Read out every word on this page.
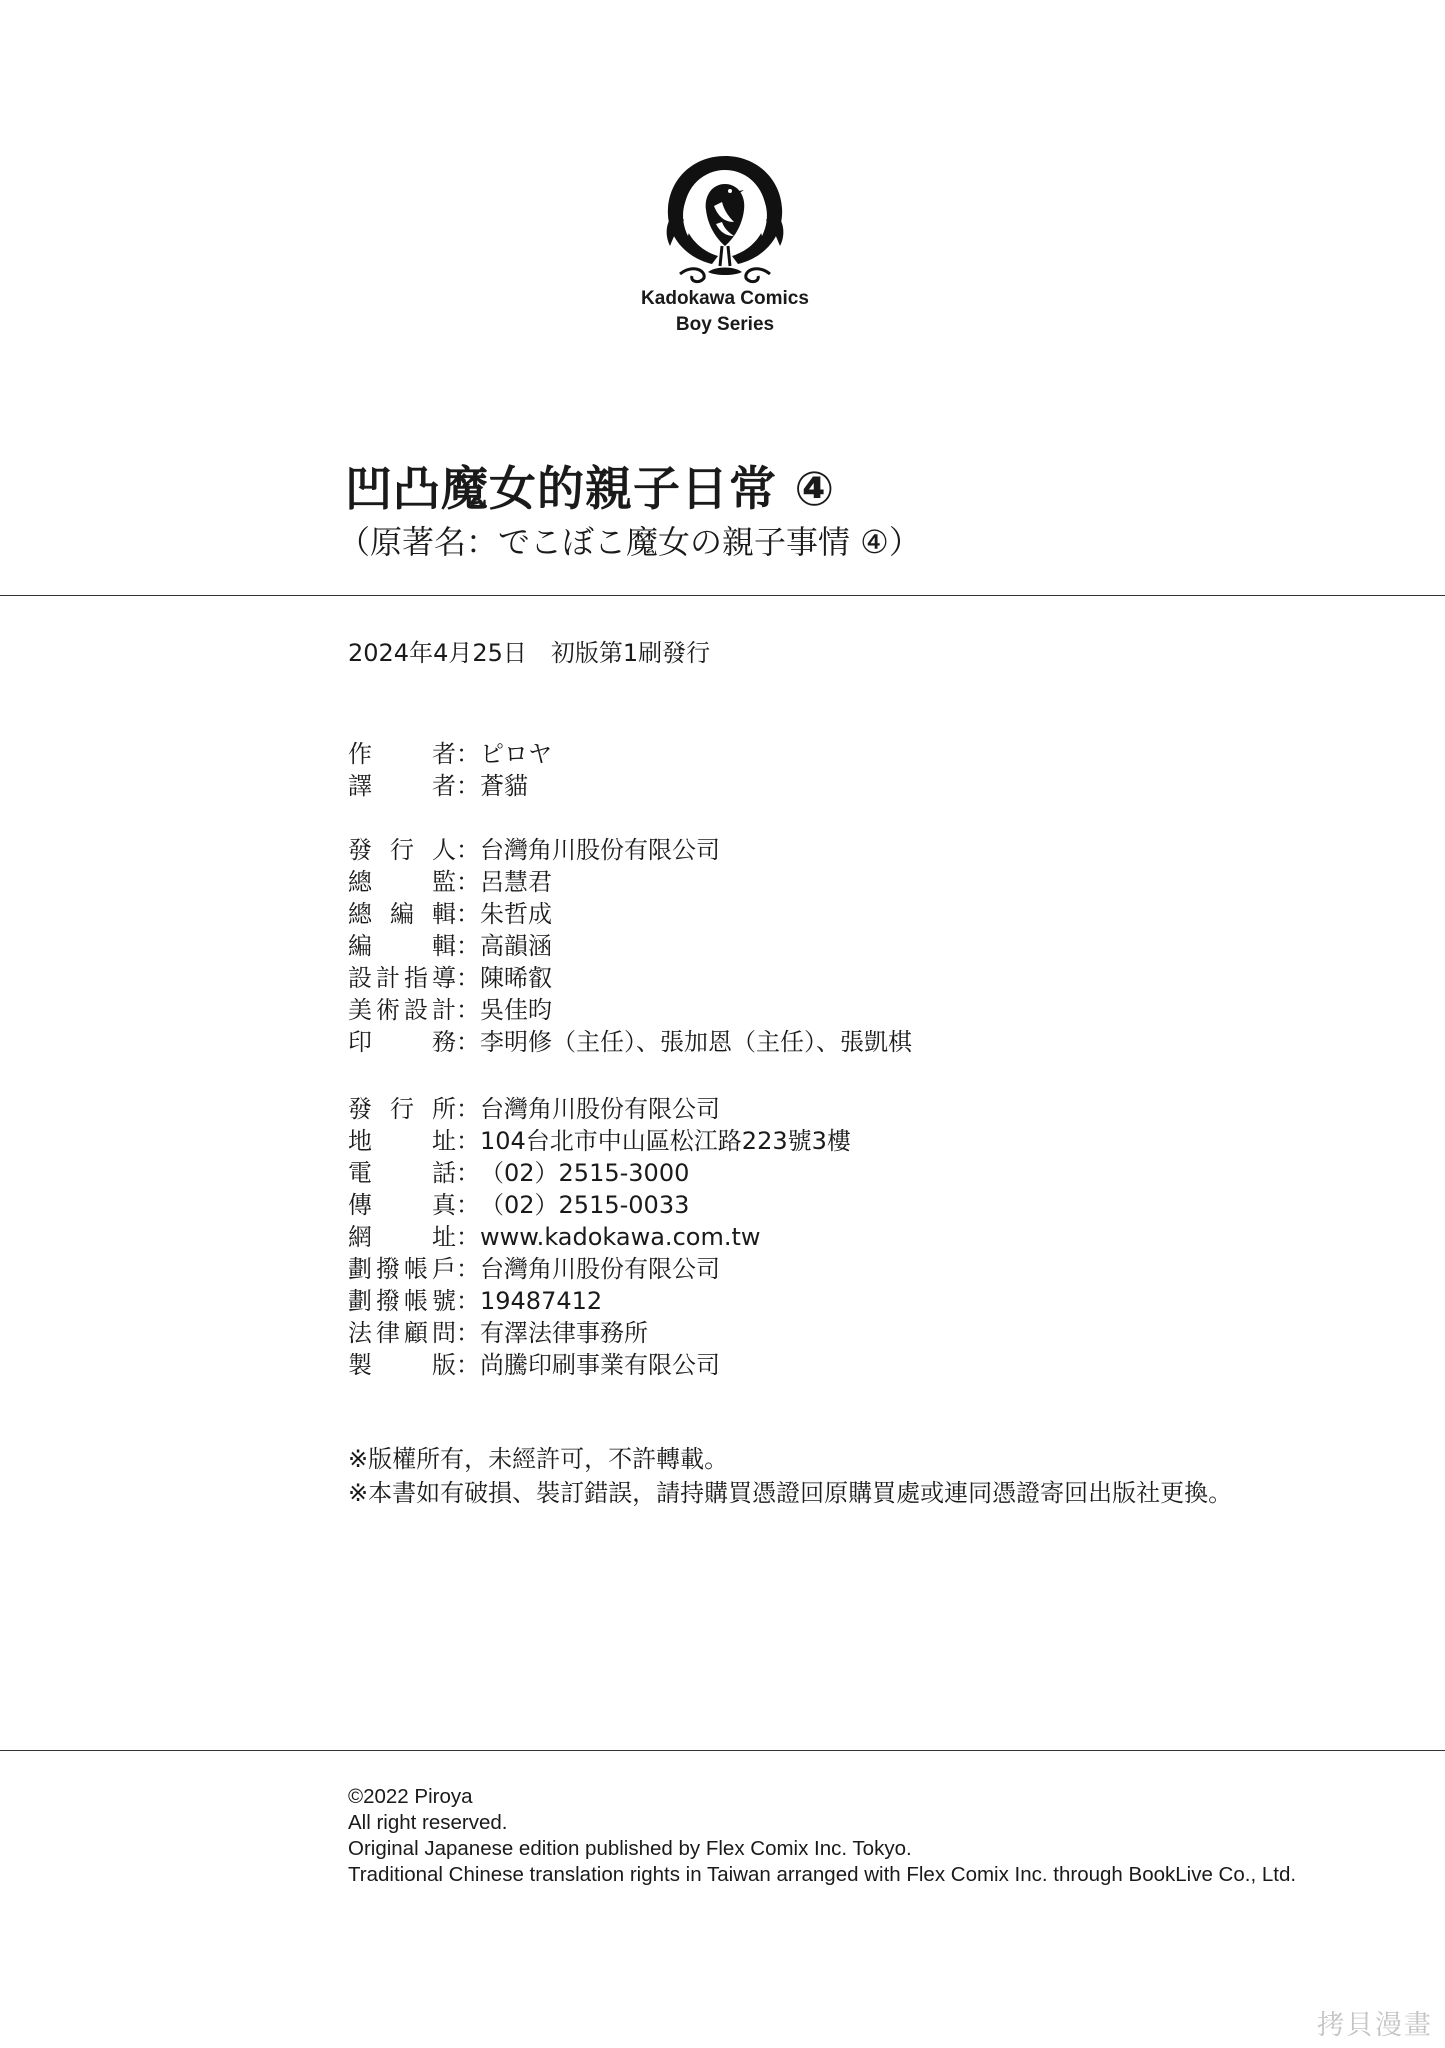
Kadokawa Comics
Boy Series
凹凸魔女的親子日常 ④
（原著名：でこぼこ魔女の親子事情 ④）
2024年4月25日　初版第1刷發行
作者：ピロヤ
譯者：蒼貓
發行人：台灣角川股份有限公司
總監：呂慧君
總編輯：朱哲成
編輯：高韻涵
設計指導：陳晞叡
美術設計：吳佳昀
印務：李明修（主任）、張加恩（主任）、張凱棋
發行所：台灣角川股份有限公司
地址：104台北市中山區松江路223號3樓
電話：（02）2515-3000
傳真：（02）2515-0033
網址：www.kadokawa.com.tw
劃撥帳戶：台灣角川股份有限公司
劃撥帳號：19487412
法律顧問：有澤法律事務所
製版：尚騰印刷事業有限公司
※版權所有，未經許可，不許轉載。
※本書如有破損、裝訂錯誤，請持購買憑證回原購買處或連同憑證寄回出版社更換。
©2022 Piroya
All right reserved.
Original Japanese edition published by Flex Comix Inc. Tokyo.
Traditional Chinese translation rights in Taiwan arranged with Flex Comix Inc. through BookLive Co., Ltd.
拷貝漫畫
